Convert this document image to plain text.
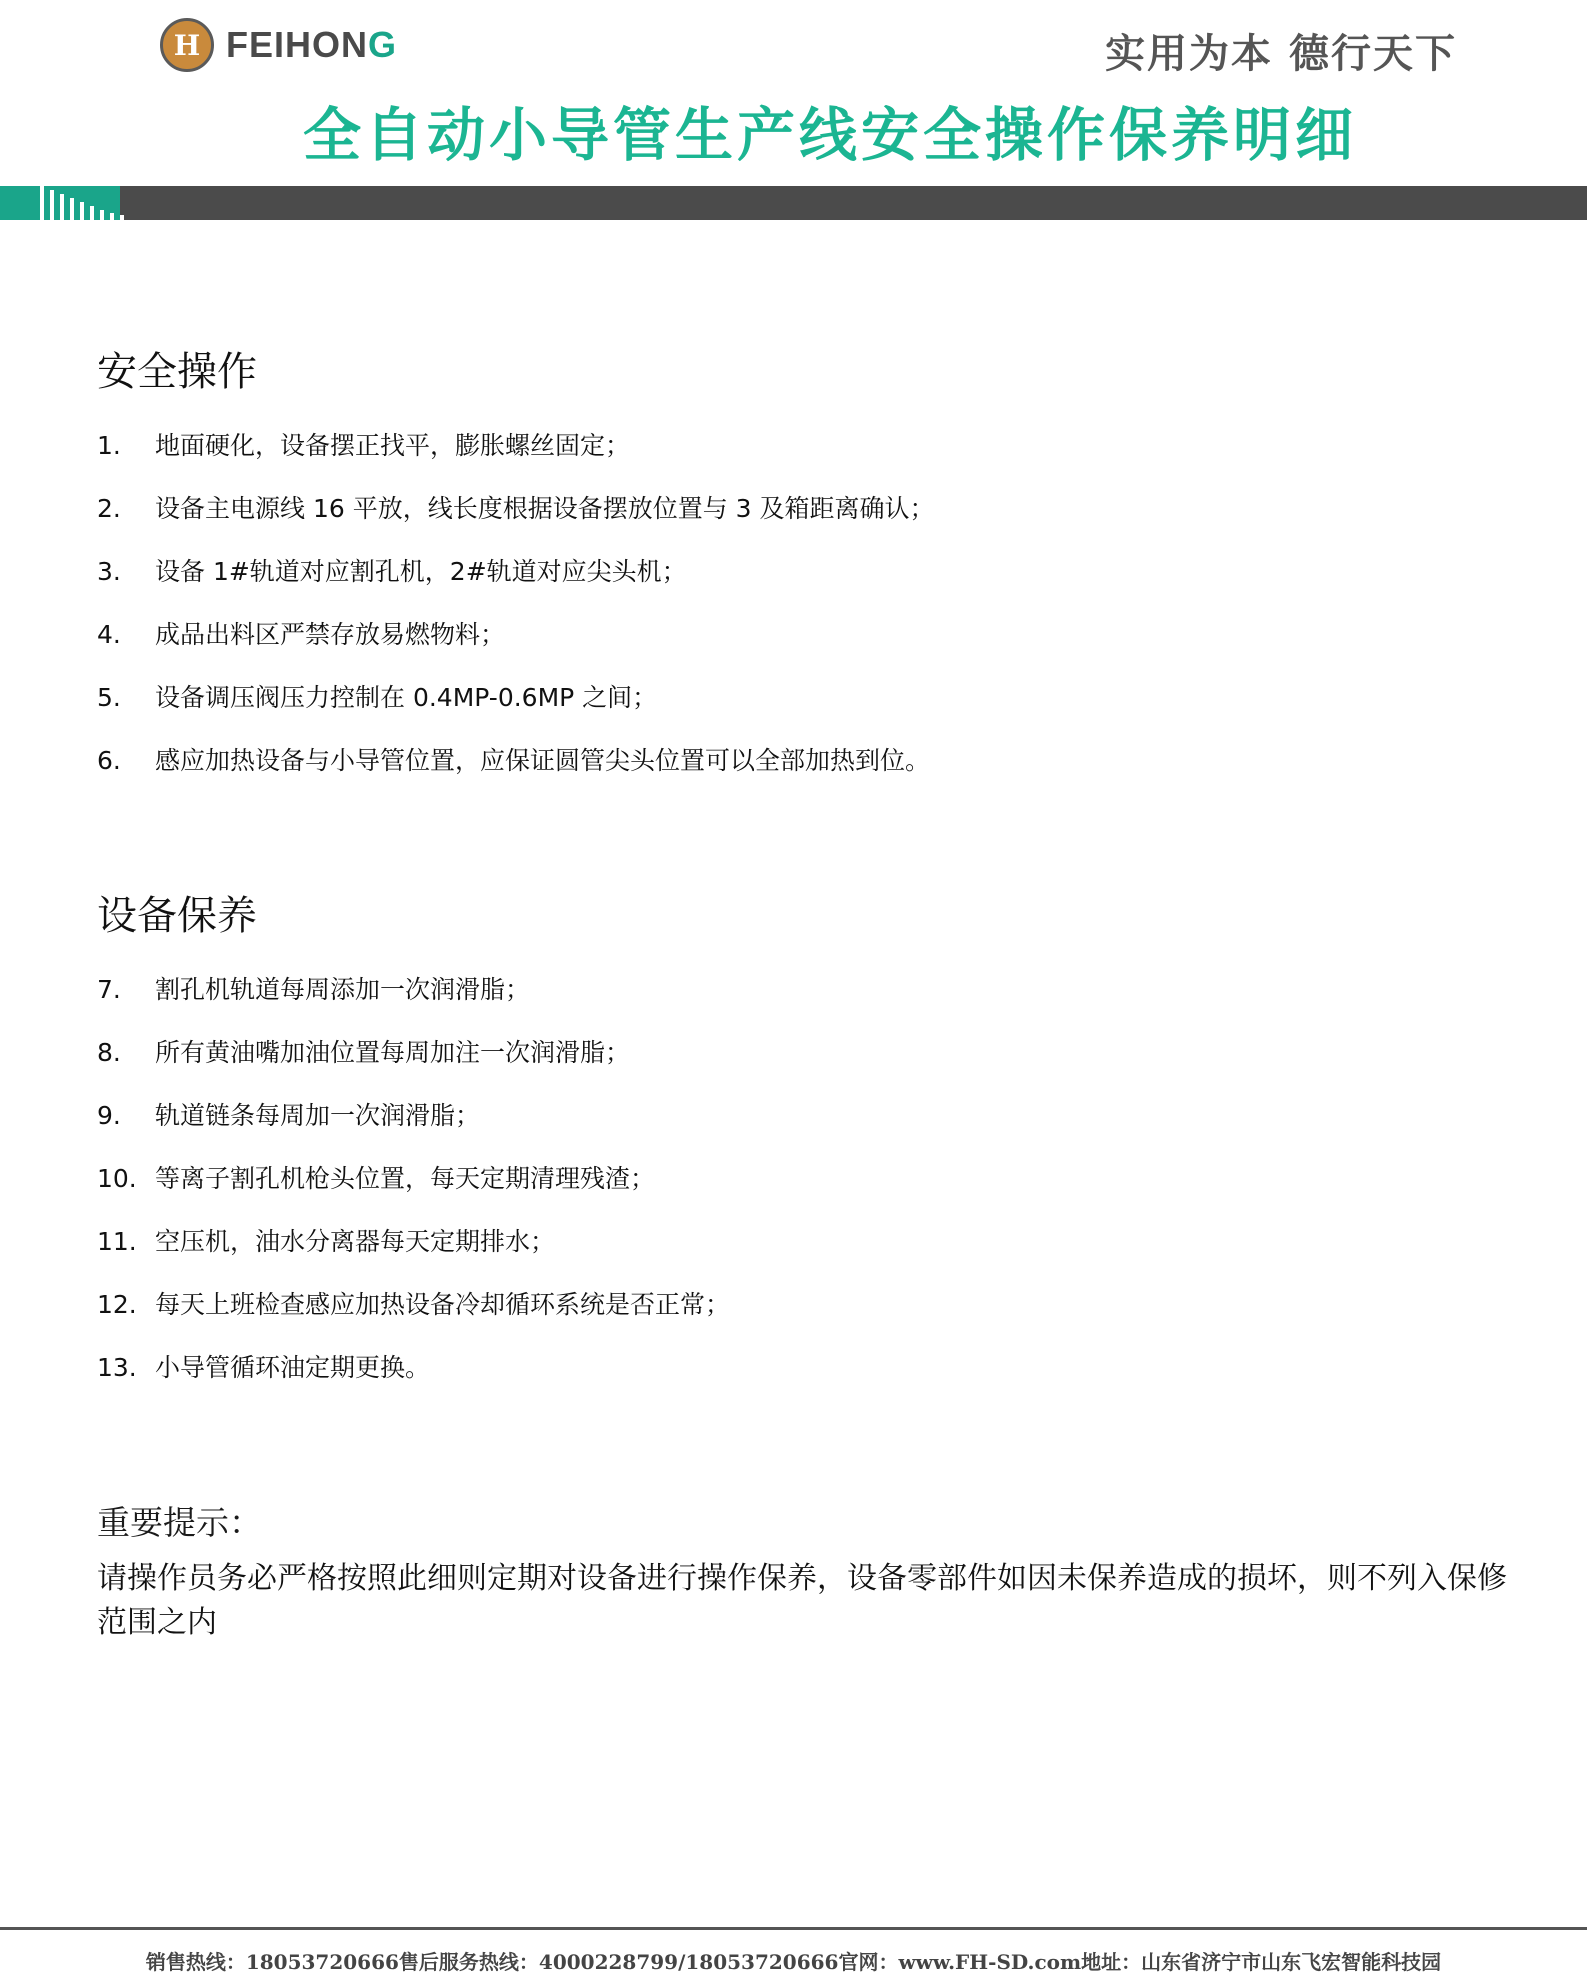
H FEIHONG	实用为本 德行天下
全自动小导管生产线安全操作保养明细
安全操作
1.	地面硬化，设备摆正找平，膨胀螺丝固定；
2.	设备主电源线 16 平放，线长度根据设备摆放位置与 3 及箱距离确认；
3.	设备 1#轨道对应割孔机，2#轨道对应尖头机；
4.	成品出料区严禁存放易燃物料；
5.	设备调压阀压力控制在 0.4MP-0.6MP 之间；
6.	感应加热设备与小导管位置，应保证圆管尖头位置可以全部加热到位。
设备保养
7.	割孔机轨道每周添加一次润滑脂；
8.	所有黄油嘴加油位置每周加注一次润滑脂；
9.	轨道链条每周加一次润滑脂；
10. 等离子割孔机枪头位置，每天定期清理残渣；
11. 空压机，油水分离器每天定期排水；
12. 每天上班检查感应加热设备冷却循环系统是否正常；
13. 小导管循环油定期更换。
重要提示：

请操作员务必严格按照此细则定期对设备进行操作保养，设备零部件如因未保养造成的损坏，则不列入保修范围之内

销售热线：18053720666售后服务热线：4000228799/18053720666官网：www.FH-SD.com地址：山东省济宁市山东飞宏智能科技园
